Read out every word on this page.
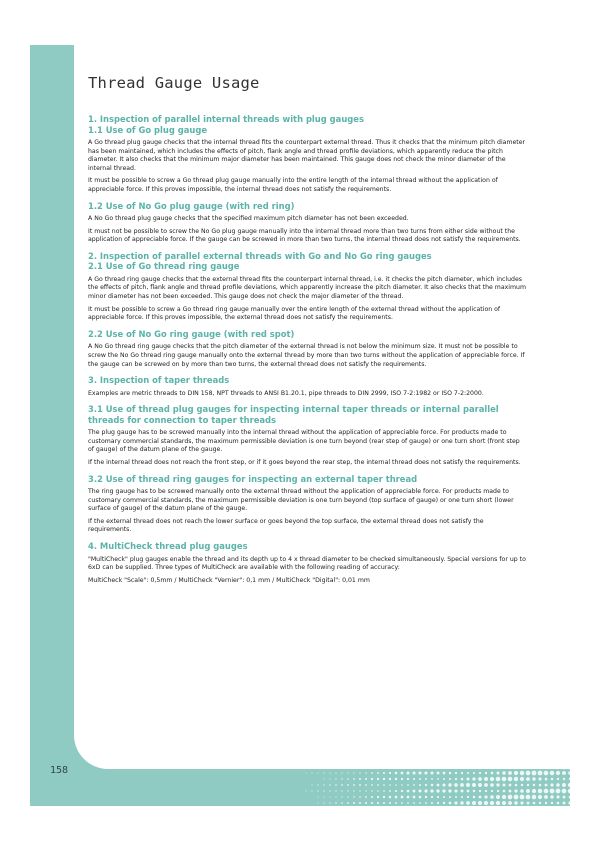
158
Thread Gauge Usage
1. Inspection of parallel internal threads with plug gauges
1.1 Use of Go plug gauge

A Go thread plug gauge checks that the internal thread fits the counterpart external thread. Thus it checks that the minimum pitch diameter has been maintained, which includes the effects of pitch, flank angle and thread profile deviations, which apparently reduce the pitch diameter. It also checks that the minimum major diameter has been maintained. This gauge does not check the minor diameter of the internal thread.

It must be possible to screw a Go thread plug gauge manually into the entire length of the internal thread without the application of appreciable force. If this proves impossible, the internal thread does not satisfy the requirements.

1.2 Use of No Go plug gauge (with red ring)

A No Go thread plug gauge checks that the specified maximum pitch diameter has not been exceeded.

It must not be possible to screw the No Go plug gauge manually into the internal thread more than two turns from either side without the application of appreciable force. If the gauge can be screwed in more than two turns, the internal thread does not satisfy the requirements.

2. Inspection of parallel external threads with Go and No Go ring gauges
2.1 Use of Go thread ring gauge

A Go thread ring gauge checks that the external thread fits the counterpart internal thread, i.e. it checks the pitch diameter, which includes the effects of pitch, flank angle and thread profile deviations, which apparently increase the pitch diameter. It also checks that the maximum minor diameter has not been exceeded. This gauge does not check the major diameter of the thread.

It must be possible to screw a Go thread ring gauge manually over the entire length of the external thread without the application of appreciable force. If this proves impossible, the external thread does not satisfy the requirements.

2.2 Use of No Go ring gauge (with red spot)

A No Go thread ring gauge checks that the pitch diameter of the external thread is not below the minimum size. It must not be possible to screw the No Go thread ring gauge manually onto the external thread by more than two turns without the application of appreciable force. If the gauge can be screwed on by more than two turns, the external thread does not satisfy the requirements.

3. Inspection of taper threads

Examples are metric threads to DIN 158, NPT threads to ANSI B1.20.1, pipe threads to DIN 2999, ISO 7-2:1982 or ISO 7-2:2000.

3.1 Use of thread plug gauges for inspecting internal taper threads or internal parallel threads for connection to taper threads

The plug gauge has to be screwed manually into the internal thread without the application of appreciable force. For products made to customary commercial standards, the maximum permissible deviation is one turn beyond (rear step of gauge) or one turn short (front step of gauge) of the datum plane of the gauge.

If the internal thread does not reach the front step, or if it goes beyond the rear step, the internal thread does not satisfy the requirements.

3.2 Use of thread ring gauges for inspecting an external taper thread

The ring gauge has to be screwed manually onto the external thread without the application of appreciable force. For products made to customary commercial standards, the maximum permissible deviation is one turn beyond (top surface of gauge) or one turn short (lower surface of gauge) of the datum plane of the gauge.

If the external thread does not reach the lower surface or goes beyond the top surface, the external thread does not satisfy the requirements.

4. MultiCheck thread plug gauges

"MultiCheck" plug gauges enable the thread and its depth up to 4 x thread diameter to be checked simultaneously. Special versions for up to 6xD can be supplied. Three types of MultiCheck are available with the following reading of accuracy:

MultiCheck "Scale": 0,5mm / MultiCheck "Vernier": 0,1 mm / MultiCheck "Digital": 0,01 mm
